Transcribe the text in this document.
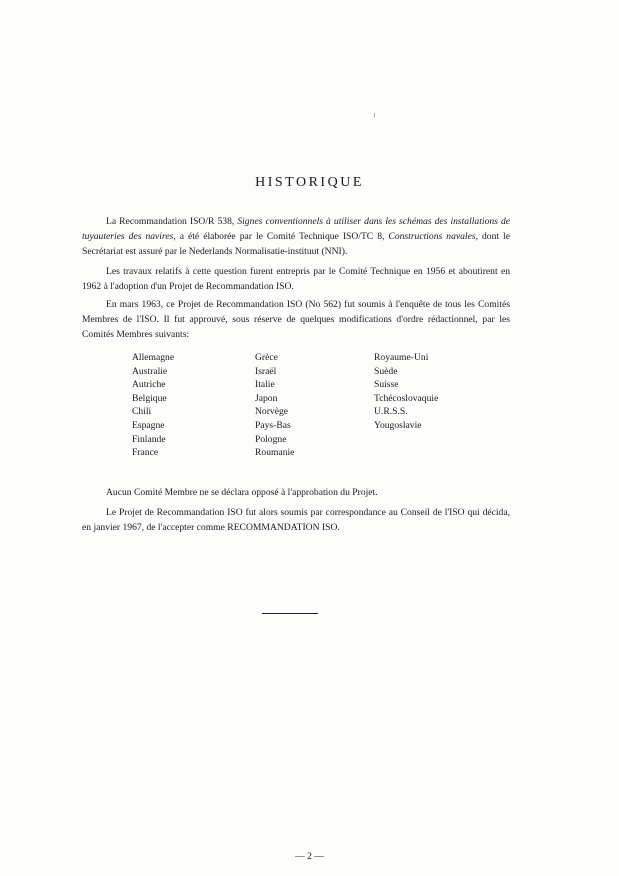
HISTORIQUE

La Recommandation ISO/R 538, Signes conventionnels à utiliser dans les schémas des installations de tuyauteries des navires, a été élaborée par le Comité Technique ISO/TC 8, Constructions navales, dont le Secrétariat est assuré par le Nederlands Normalisatie-instituut (NNI).

Les travaux relatifs à cette question furent entrepris par le Comité Technique en 1956 et aboutirent en 1962 à l'adoption d'un Projet de Recommandation ISO.

En mars 1963, ce Projet de Recommandation ISO (No 562) fut soumis à l'enquête de tous les Comités Membres de l'ISO. Il fut approuvé, sous réserve de quelques modifications d'ordre rédactionnel, par les Comités Membres suivants:

Allemagne
Australie
Autriche
Belgique
Chili
Espagne
Finlande
France
Grèce
Israël
Italie
Japon
Norvège
Pays-Bas
Pologne
Roumanie
Royaume-Uni
Suède
Suisse
Tchécoslovaquie
U.R.S.S.
Yougoslavie

Aucun Comité Membre ne se déclara opposé à l'approbation du Projet.

Le Projet de Recommandation ISO fut alors soumis par correspondance au Conseil de l'ISO qui décida, en janvier 1967, de l'accepter comme RECOMMANDATION ISO.

— 2 —
